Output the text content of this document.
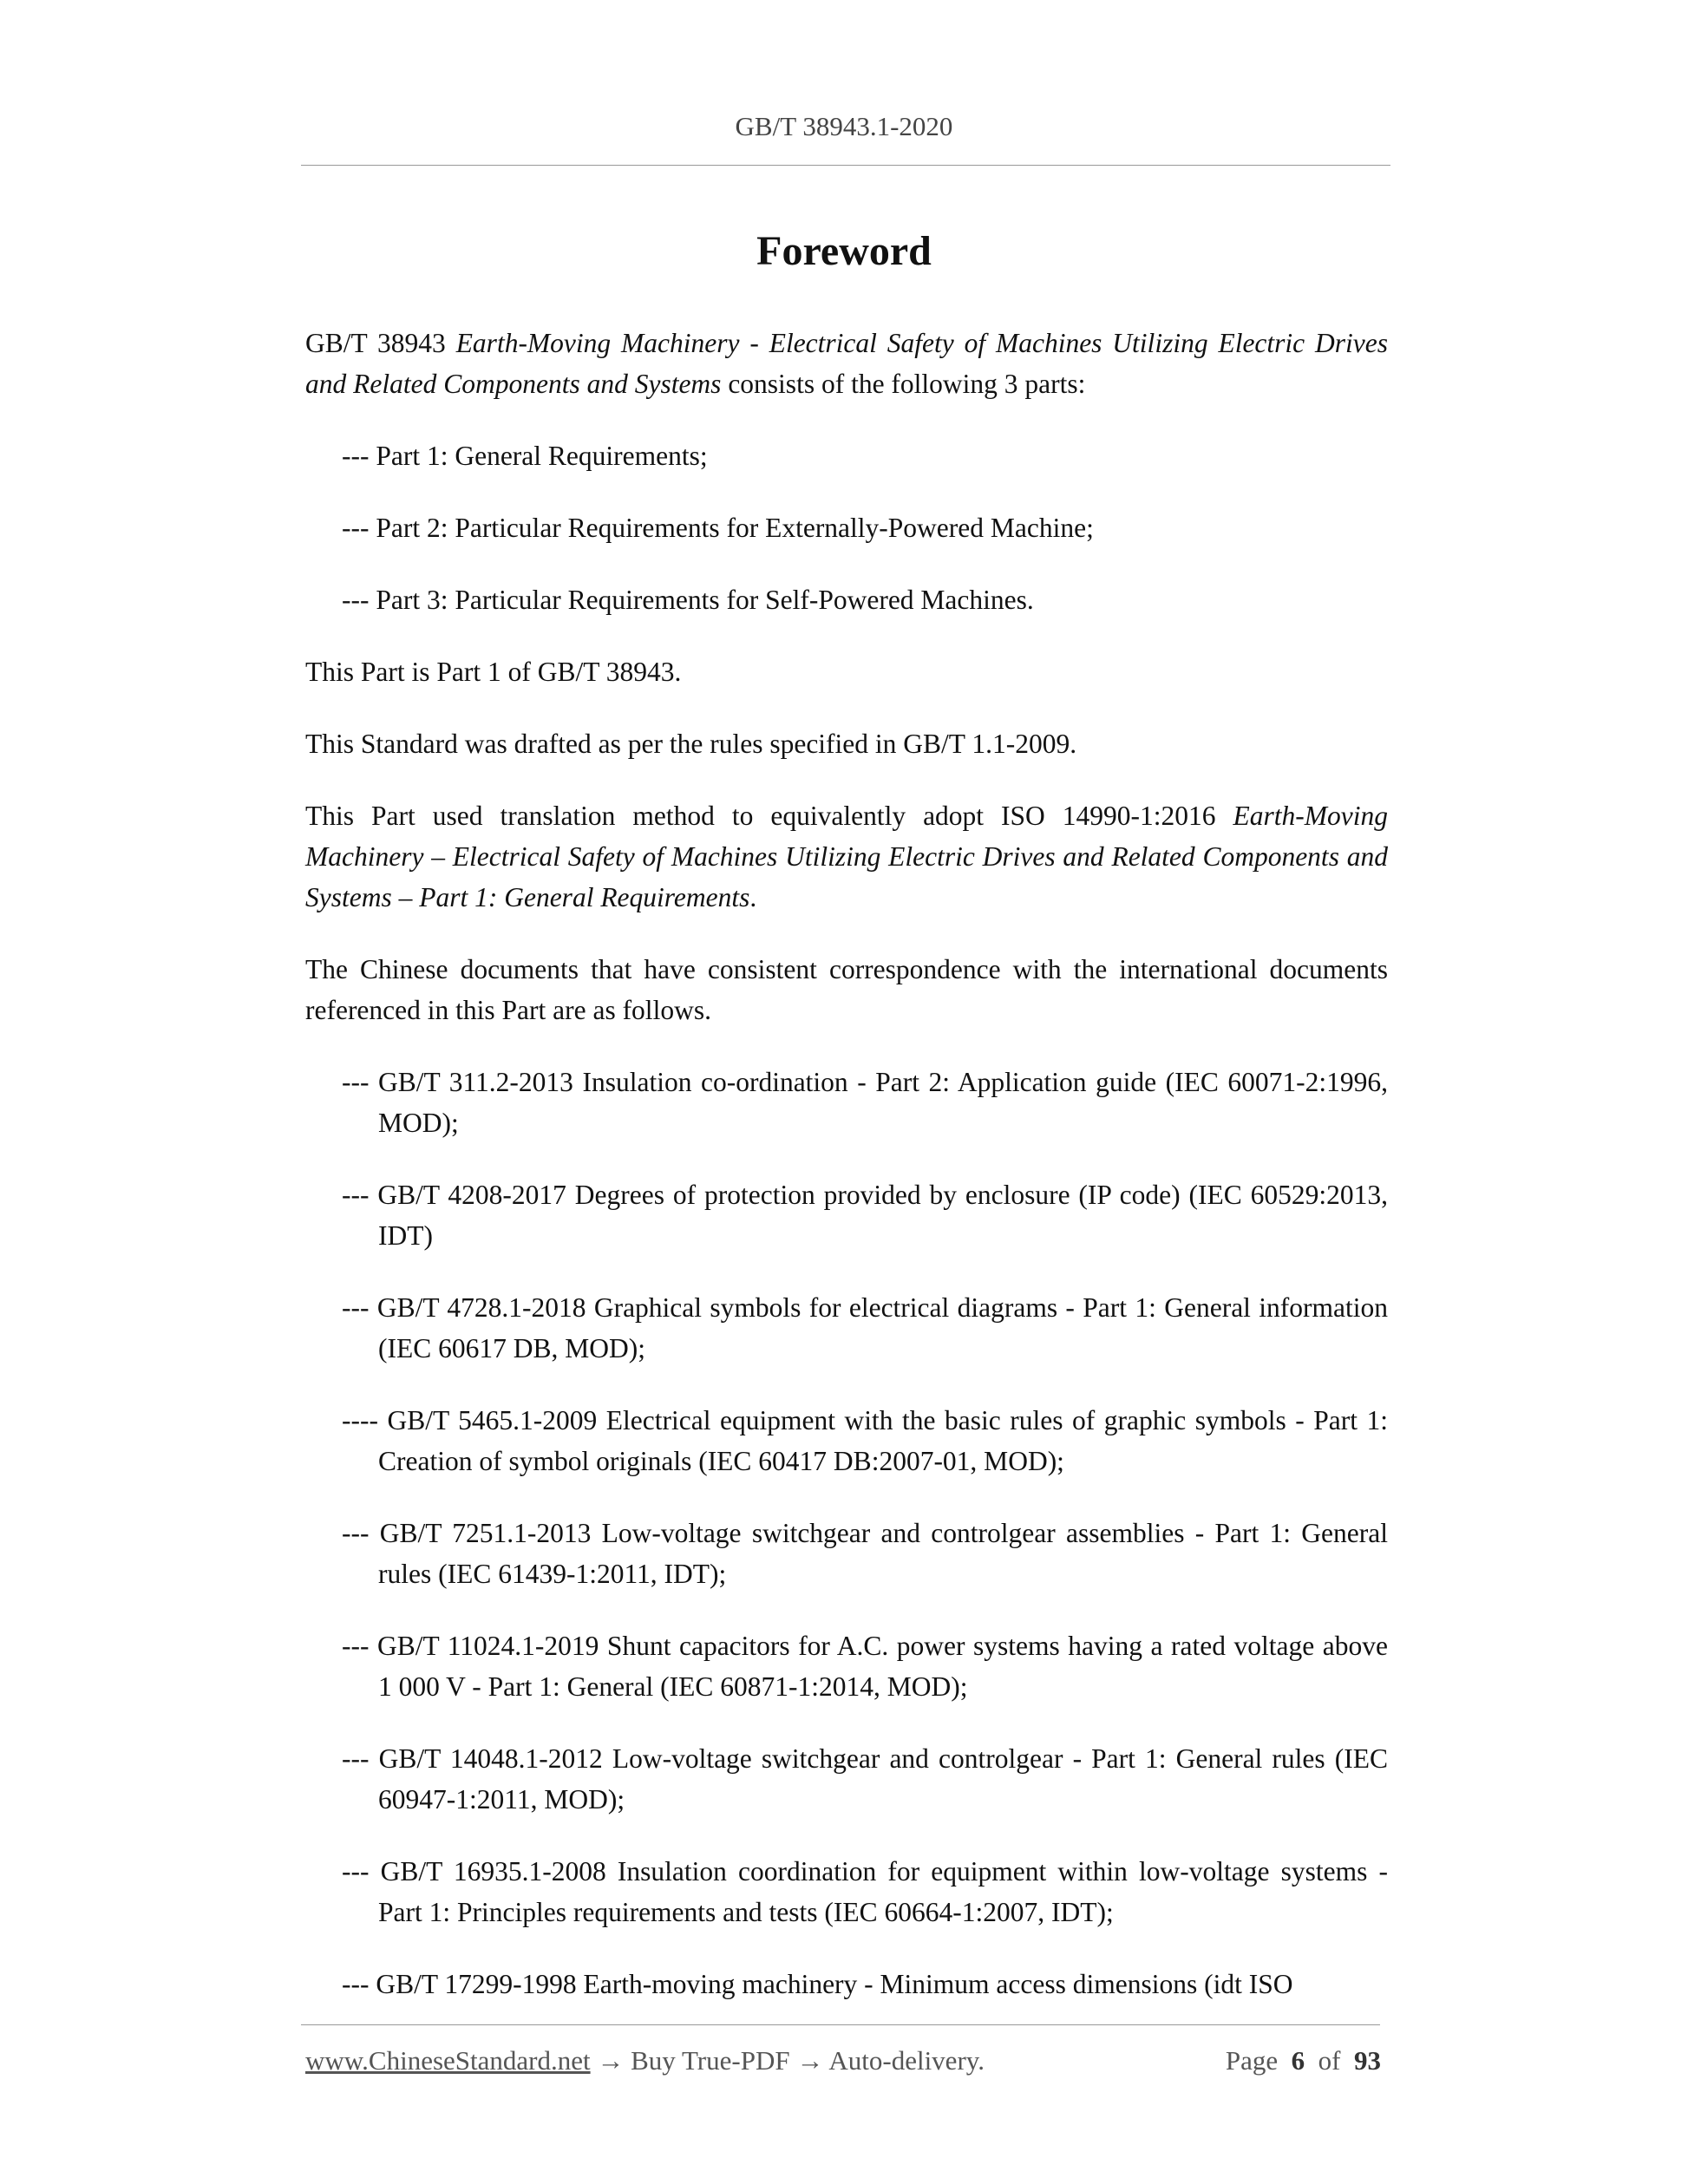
GB/T 38943.1-2020
Foreword

GB/T 38943 Earth-Moving Machinery - Electrical Safety of Machines Utilizing Electric Drives and Related Components and Systems consists of the following 3 parts:

--- Part 1: General Requirements;

--- Part 2: Particular Requirements for Externally-Powered Machine;

--- Part 3: Particular Requirements for Self-Powered Machines.

This Part is Part 1 of GB/T 38943.

This Standard was drafted as per the rules specified in GB/T 1.1-2009.

This Part used translation method to equivalently adopt ISO 14990-1:2016 Earth-Moving Machinery – Electrical Safety of Machines Utilizing Electric Drives and Related Components and Systems – Part 1: General Requirements.

The Chinese documents that have consistent correspondence with the international documents referenced in this Part are as follows.

--- GB/T 311.2-2013 Insulation co-ordination - Part 2: Application guide (IEC 60071-2:1996, MOD);

--- GB/T 4208-2017 Degrees of protection provided by enclosure (IP code) (IEC 60529:2013, IDT)

--- GB/T 4728.1-2018 Graphical symbols for electrical diagrams - Part 1: General information (IEC 60617 DB, MOD);

---- GB/T 5465.1-2009 Electrical equipment with the basic rules of graphic symbols - Part 1: Creation of symbol originals (IEC 60417 DB:2007-01, MOD);

--- GB/T 7251.1-2013 Low-voltage switchgear and controlgear assemblies - Part 1: General rules (IEC 61439-1:2011, IDT);

--- GB/T 11024.1-2019 Shunt capacitors for A.C. power systems having a rated voltage above 1 000 V - Part 1: General (IEC 60871-1:2014, MOD);

--- GB/T 14048.1-2012 Low-voltage switchgear and controlgear - Part 1: General rules (IEC 60947-1:2011, MOD);

--- GB/T 16935.1-2008 Insulation coordination for equipment within low-voltage systems - Part 1: Principles requirements and tests (IEC 60664-1:2007, IDT);

--- GB/T 17299-1998 Earth-moving machinery - Minimum access dimensions (idt ISO

www.ChineseStandard.net → Buy True-PDF → Auto-delivery.	Page 6 of 93
